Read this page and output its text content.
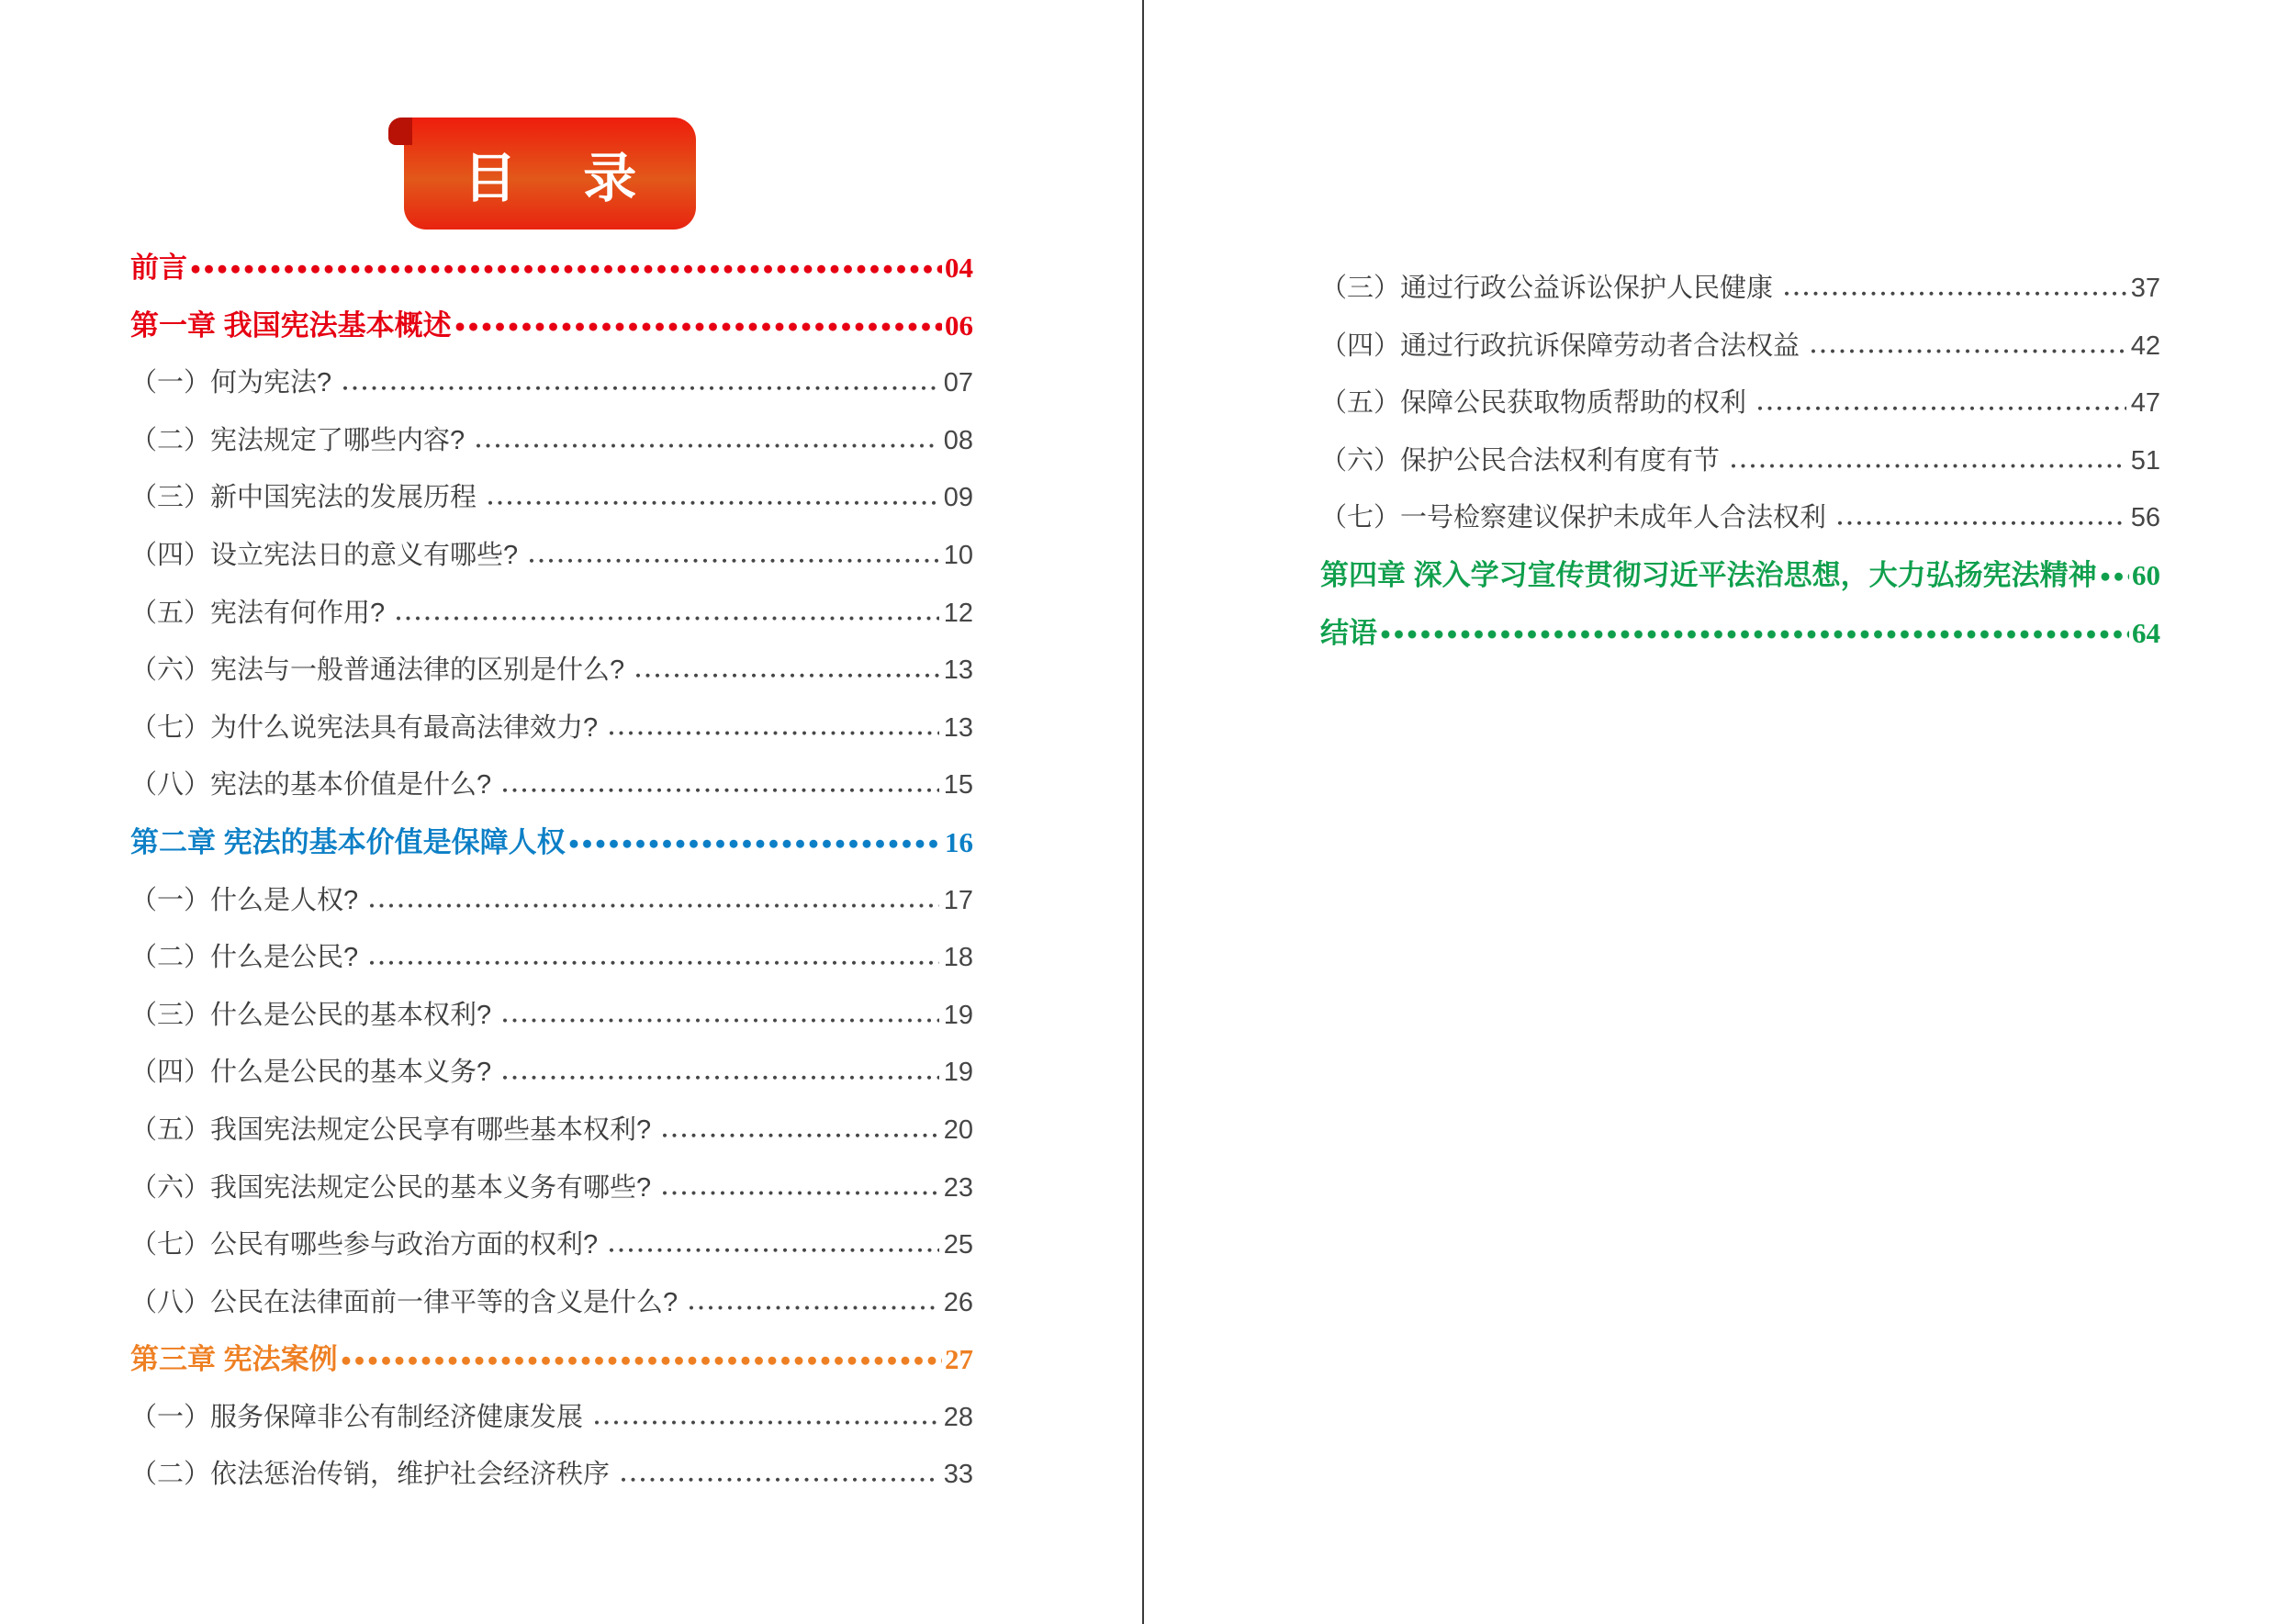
目　 录
前言	04
第一章 我国宪法基本概述	06
（一）何为宪法?	07
（二）宪法规定了哪些内容?	08
（三）新中国宪法的发展历程	09
（四）设立宪法日的意义有哪些?	10
（五）宪法有何作用?	12
（六）宪法与一般普通法律的区别是什么?	13
（七）为什么说宪法具有最高法律效力?	13
（八）宪法的基本价值是什么?	15
第二章 宪法的基本价值是保障人权	16
（一）什么是人权?	17
（二）什么是公民?	18
（三）什么是公民的基本权利?	19
（四）什么是公民的基本义务?	19
（五）我国宪法规定公民享有哪些基本权利?	20
（六）我国宪法规定公民的基本义务有哪些?	23
（七）公民有哪些参与政治方面的权利?	25
（八）公民在法律面前一律平等的含义是什么?	26
第三章 宪法案例	27
（一）服务保障非公有制经济健康发展	28
（二）依法惩治传销，维护社会经济秩序	33
（三）通过行政公益诉讼保护人民健康	37
（四）通过行政抗诉保障劳动者合法权益	42
（五）保障公民获取物质帮助的权利	47
（六）保护公民合法权利有度有节	51
（七）一号检察建议保护未成年人合法权利	56
第四章 深入学习宣传贯彻习近平法治思想，大力弘扬宪法精神 60
结语	64
